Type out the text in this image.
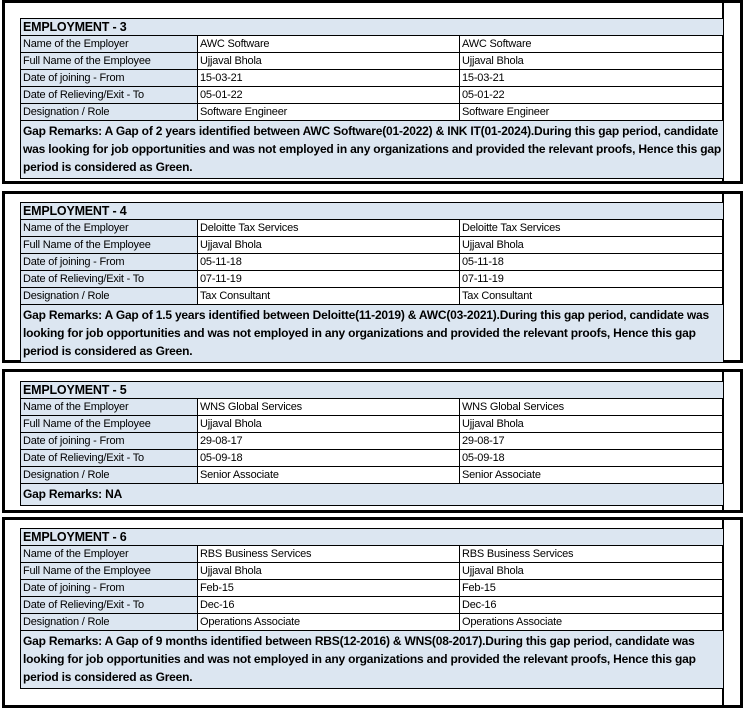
EMPLOYMENT - 3		
Name of the Employer	AWC Software	AWC Software
Full Name of the Employee	Ujjaval Bhola	Ujjaval Bhola
Date of joining - From	15-03-21	15-03-21
Date of Relieving/Exit - To	05-01-22	05-01-22
Designation / Role	Software Engineer	Software Engineer
Gap Remarks: A Gap of 2 years identified between AWC Software(01-2022) & INK IT(01-2024).During this gap period, candidate was looking for job opportunities and was not employed in any organizations and provided the relevant proofs, Hence this gap period is considered as Green.		
EMPLOYMENT - 4		
Name of the Employer	Deloitte Tax Services	Deloitte Tax Services
Full Name of the Employee	Ujjaval Bhola	Ujjaval Bhola
Date of joining - From	05-11-18	05-11-18
Date of Relieving/Exit - To	07-11-19	07-11-19
Designation / Role	Tax Consultant	Tax Consultant
Gap Remarks: A Gap of 1.5 years identified between Deloitte(11-2019) & AWC(03-2021).During this gap period, candidate was looking for job opportunities and was not employed in any organizations and provided the relevant proofs, Hence this gap period is considered as Green.		
EMPLOYMENT - 5		
Name of the Employer	WNS Global Services	WNS Global Services
Full Name of the Employee	Ujjaval Bhola	Ujjaval Bhola
Date of joining - From	29-08-17	29-08-17
Date of Relieving/Exit - To	05-09-18	05-09-18
Designation / Role	Senior Associate	Senior Associate
Gap Remarks: NA		
EMPLOYMENT - 6		
Name of the Employer	RBS Business Services	RBS Business Services
Full Name of the Employee	Ujjaval Bhola	Ujjaval Bhola
Date of joining - From	Feb-15	Feb-15
Date of Relieving/Exit - To	Dec-16	Dec-16
Designation / Role	Operations Associate	Operations Associate
Gap Remarks: A Gap of 9 months identified between RBS(12-2016) & WNS(08-2017).During this gap period, candidate was looking for job opportunities and was not employed in any organizations and provided the relevant proofs, Hence this gap period is considered as Green.		
